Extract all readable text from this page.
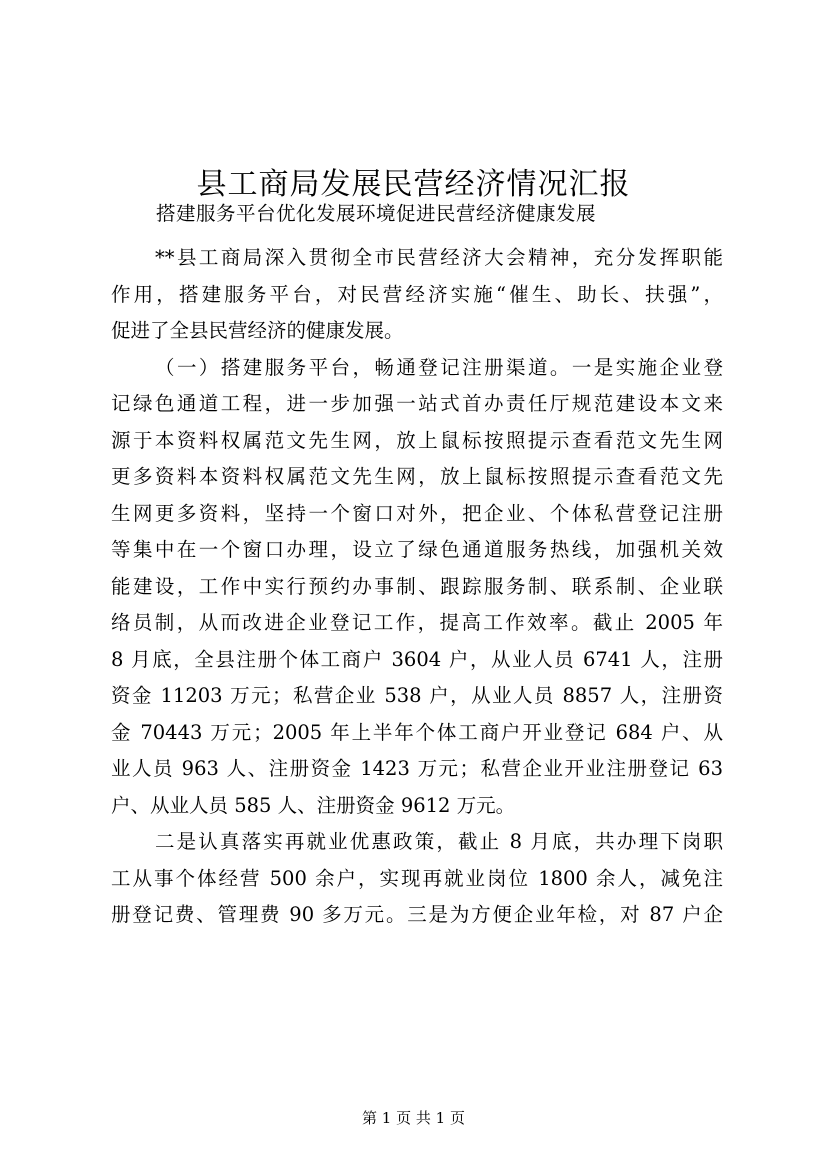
县工商局发展民营经济情况汇报
搭建服务平台优化发展环境促进民营经济健康发展

**县工商局深入贯彻全市民营经济大会精神，充分发挥职能
作用，搭建服务平台，对民营经济实施“催生、助长、扶强”，
促进了全县民营经济的健康发展。

（一）搭建服务平台，畅通登记注册渠道。一是实施企业登
记绿色通道工程，进一步加强一站式首办责任厅规范建设本文来
源于本资料权属范文先生网，放上鼠标按照提示查看范文先生网
更多资料本资料权属范文先生网，放上鼠标按照提示查看范文先
生网更多资料，坚持一个窗口对外，把企业、个体私营登记注册
等集中在一个窗口办理，设立了绿色通道服务热线，加强机关效
能建设，工作中实行预约办事制、跟踪服务制、联系制、企业联
络员制，从而改进企业登记工作，提高工作效率。截止 2005 年
8 月底，全县注册个体工商户 3604 户，从业人员 6741 人，注册
资金 11203 万元；私营企业 538 户，从业人员 8857 人，注册资
金 70443 万元；2005 年上半年个体工商户开业登记 684 户、从
业人员 963 人、注册资金 1423 万元；私营企业开业注册登记 63
户、从业人员 585 人、注册资金 9612 万元。

二是认真落实再就业优惠政策，截止 8 月底，共办理下岗职
工从事个体经营 500 余户，实现再就业岗位 1800 余人，减免注
册登记费、管理费 90 多万元。三是为方便企业年检，对 87 户企

第 1 页 共 1 页
